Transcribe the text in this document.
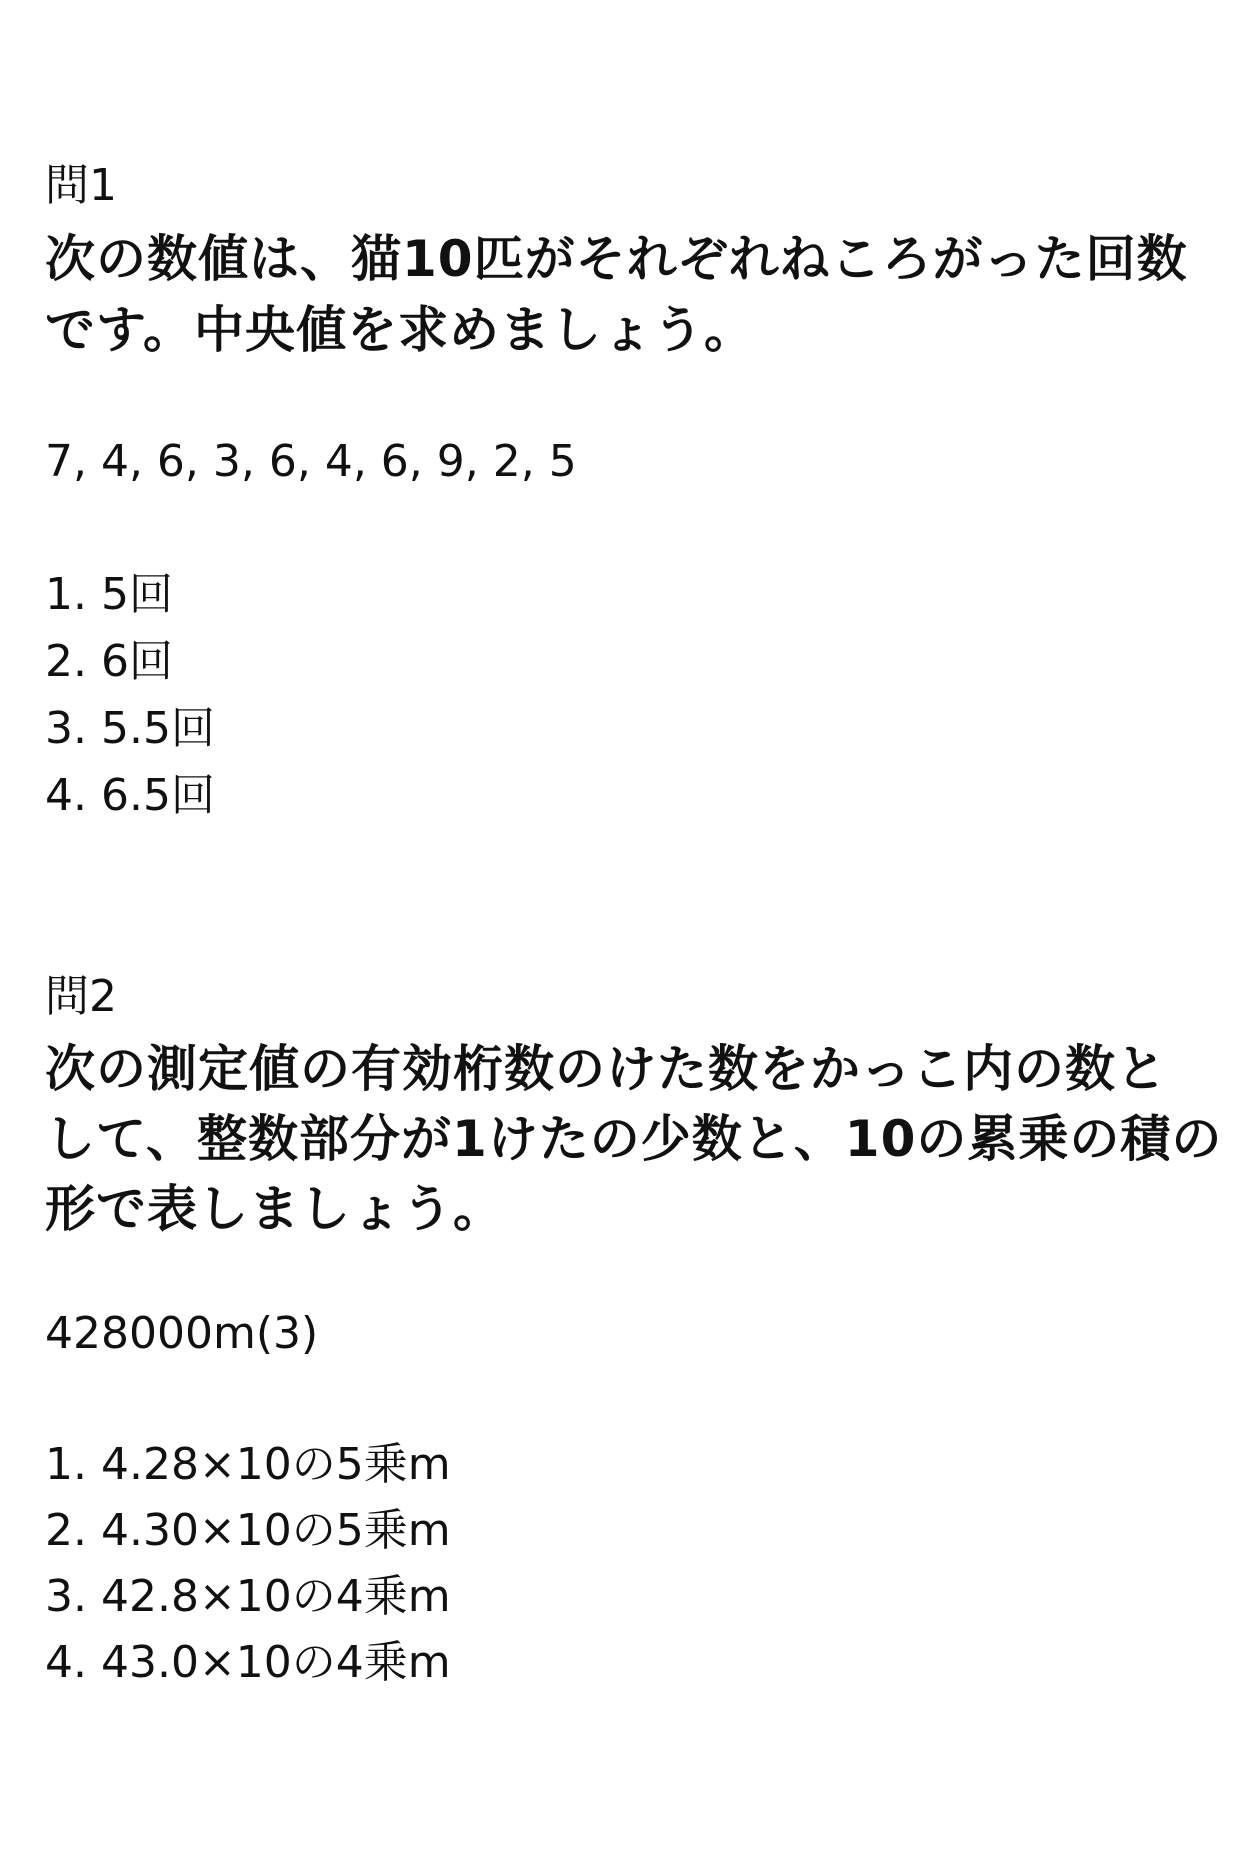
問1
次の数値は、猫10匹がそれぞれねころがった回数
です。中央値を求めましょう。
7, 4, 6, 3, 6, 4, 6, 9, 2, 5
1. 5回
2. 6回
3. 5.5回
4. 6.5回
問2
次の測定値の有効桁数のけた数をかっこ内の数と
して、整数部分が1けたの少数と、10の累乗の積の
形で表しましょう。
428000m(3)
1. 4.28×10の5乗m
2. 4.30×10の5乗m
3. 42.8×10の4乗m
4. 43.0×10の4乗m
